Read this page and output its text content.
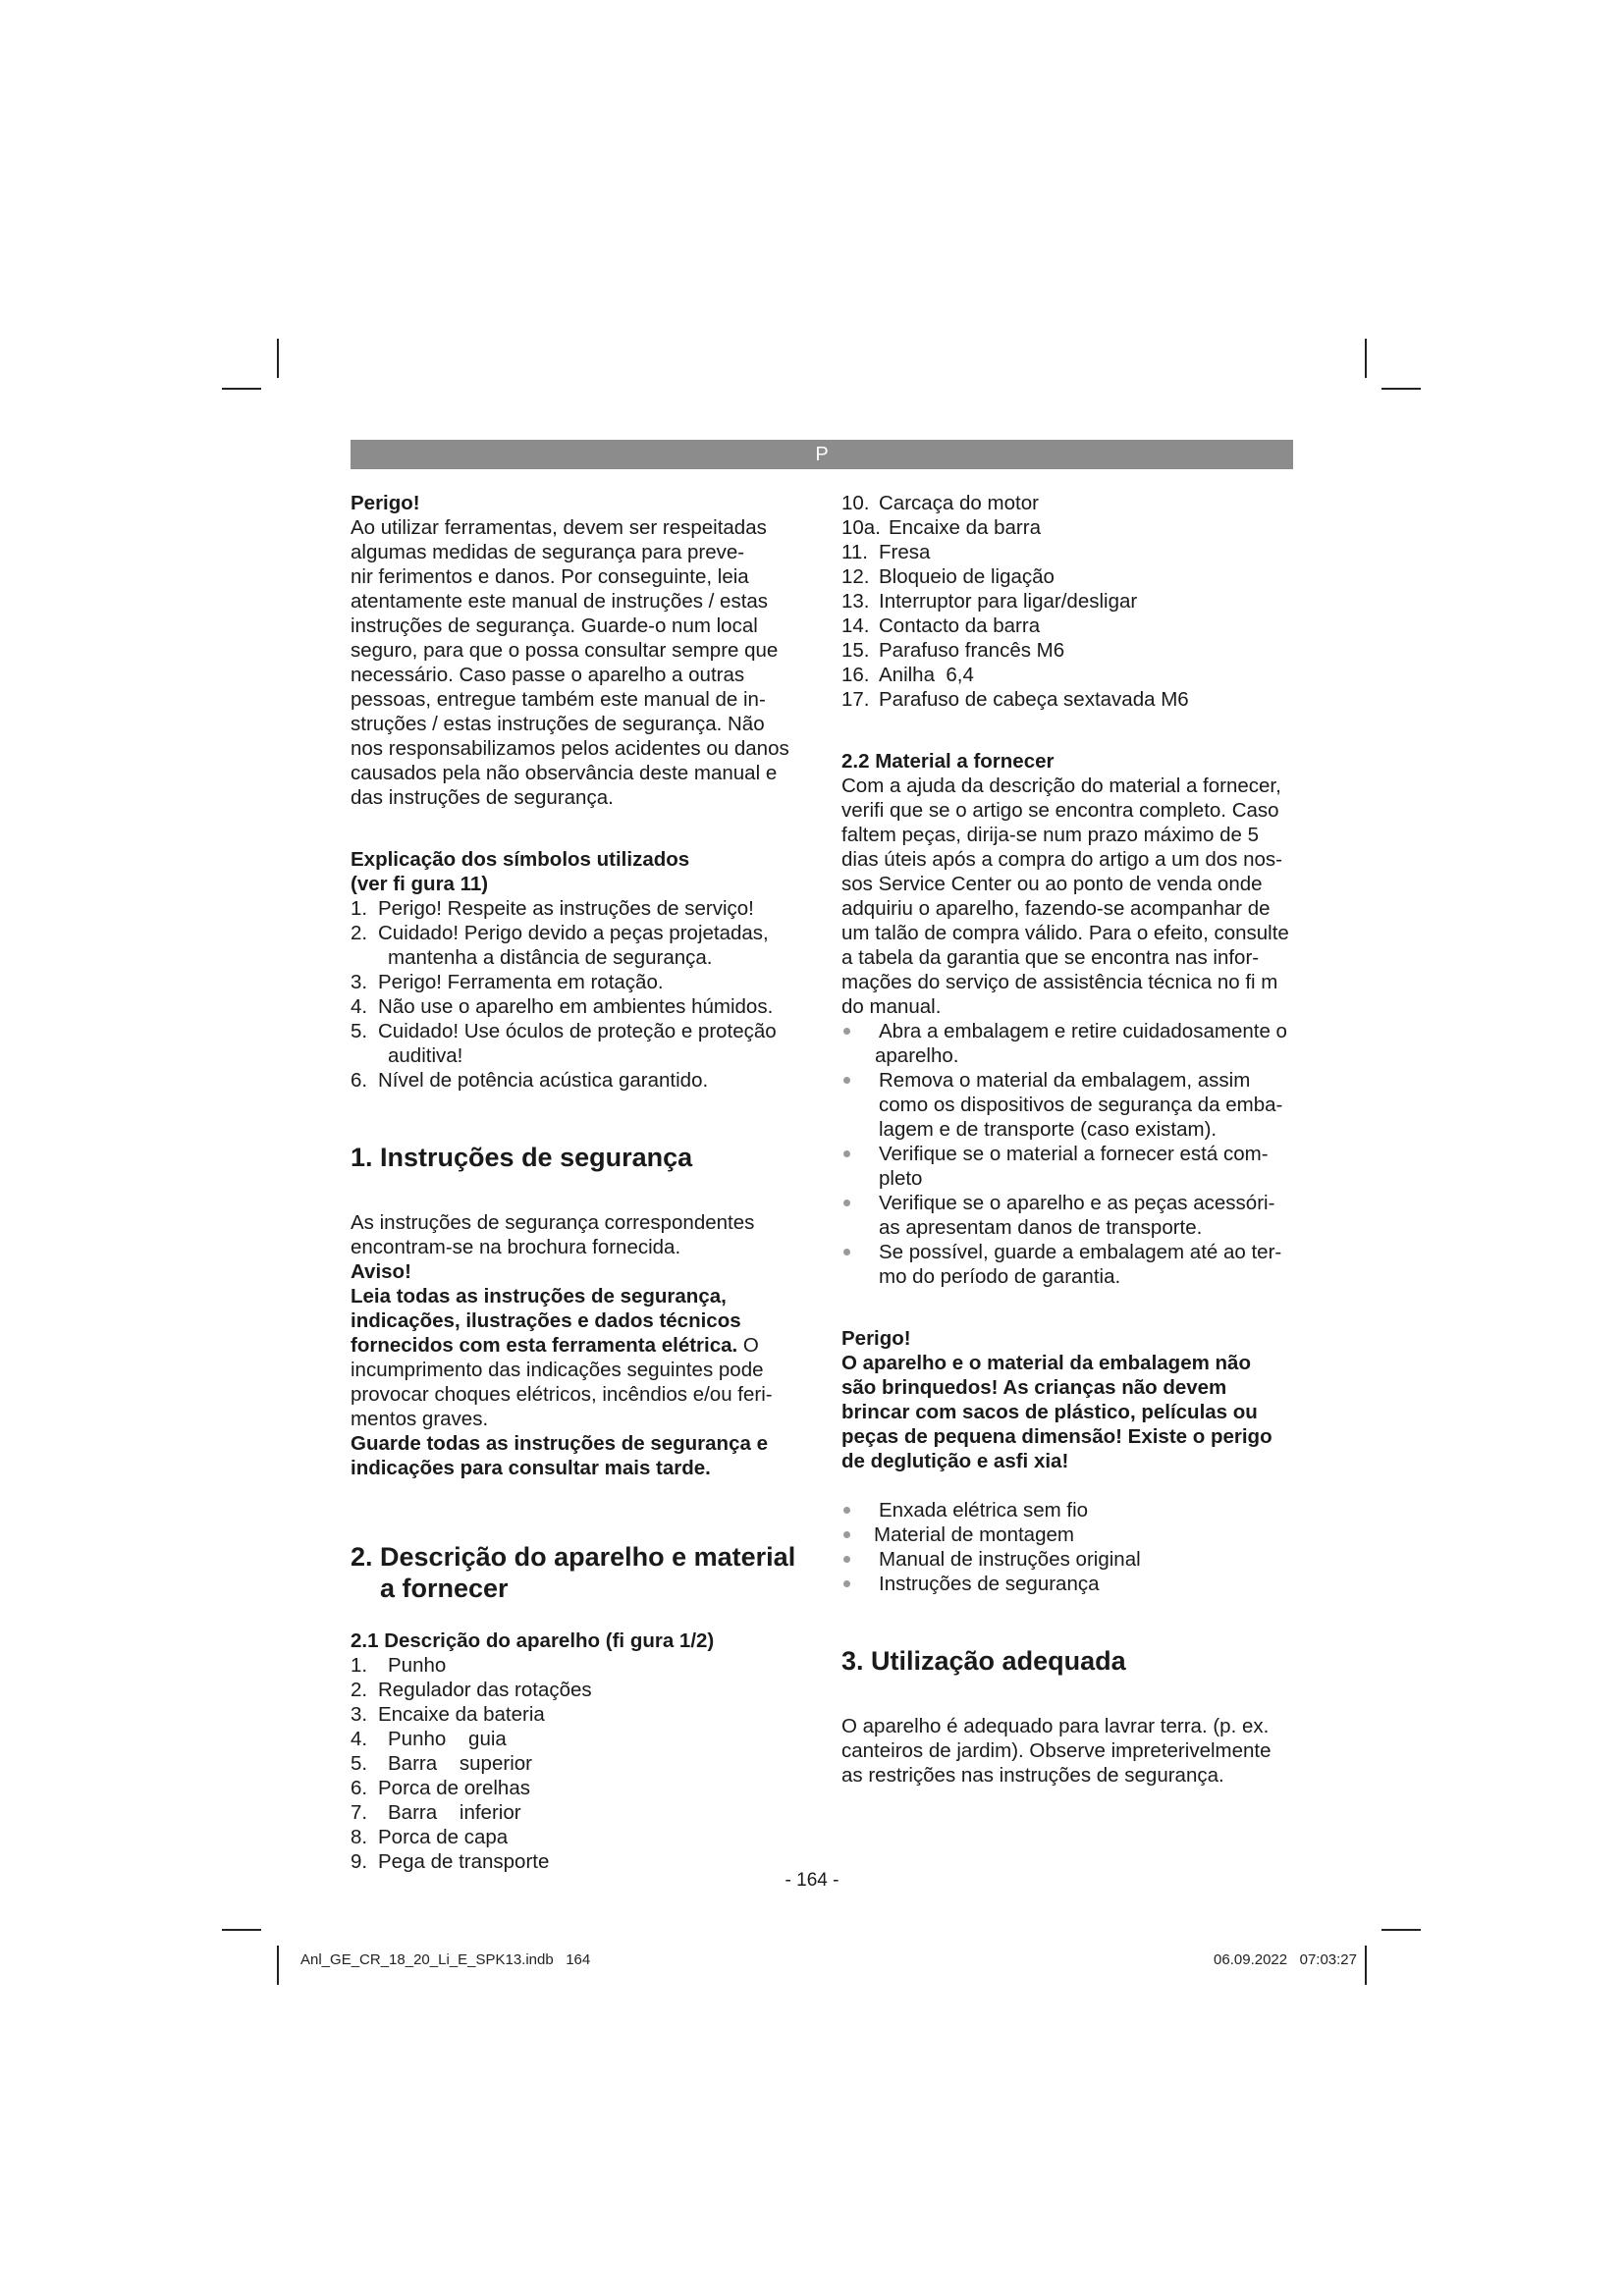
P

Perigo!

Ao utilizar ferramentas, devem ser respeitadas

algumas medidas de segurança para preve-

nir ferimentos e danos. Por conseguinte, leia

atentamente este manual de instruções / estas

instruções de segurança. Guarde-o num local

seguro, para que o possa consultar sempre que

necessário. Caso passe o aparelho a outras

pessoas, entregue também este manual de in-

struções / estas instruções de segurança. Não

nos responsabilizamos pelos acidentes ou danos

causados pela não observância deste manual e

das instruções de segurança.

Explicação dos símbolos utilizados

(ver fi gura 11)

1. Perigo! Respeite as instruções de serviço!
2. Cuidado! Perigo devido a peças projetadas,
mantenha a distância de segurança.
3. Perigo! Ferramenta em rotação.
4. Não use o aparelho em ambientes húmidos.
5. Cuidado! Use óculos de proteção e proteção
auditiva!
6. Nível de potência acústica garantido.

1. Instruções de segurança

As instruções de segurança correspondentes

encontram-se na brochura fornecida.

Aviso!

Leia todas as instruções de segurança,

indicações, ilustrações e dados técnicos

fornecidos com esta ferramenta elétrica. O

incumprimento das indicações seguintes pode

provocar choques elétricos, incêndios e/ou feri-

mentos graves.

Guarde todas as instruções de segurança e

indicações para consultar mais tarde.

2. Descrição do aparelho e material

a fornecer

2.1 Descrição do aparelho (fi gura 1/2)

1. Punho
2. Regulador das rotações
3. Encaixe da bateria
4. Punho    guia
5. Barra    superior
6. Porca de orelhas
7. Barra    inferior
8. Porca de capa
9. Pega de transporte
10. Carcaça do motor
10a. Encaixe da barra
11. Fresa
12. Bloqueio de ligação
13. Interruptor para ligar/desligar
14. Contacto da barra
15. Parafuso francês M6
16. Anilha  6,4
17. Parafuso de cabeça sextavada M6

2.2 Material a fornecer

Com a ajuda da descrição do material a fornecer,

verifi que se o artigo se encontra completo. Caso

faltem peças, dirija-se num prazo máximo de 5

dias úteis após a compra do artigo a um dos nos-

sos Service Center ou ao ponto de venda onde

adquiriu o aparelho, fazendo-se acompanhar de

um talão de compra válido. Para o efeito, consulte

a tabela da garantia que se encontra nas infor-

mações do serviço de assistência técnica no fi m

do manual.

Abra a embalagem e retire cuidadosamente o
aparelho.
Remova o material da embalagem, assim
como os dispositivos de segurança da emba-
lagem e de transporte (caso existam).
Verifique se o material a fornecer está com-
pleto
Verifique se o aparelho e as peças acessóri-
as apresentam danos de transporte.
Se possível, guarde a embalagem até ao ter-
mo do período de garantia.

Perigo!

O aparelho e o material da embalagem não

são brinquedos! As crianças não devem

brincar com sacos de plástico, películas ou

peças de pequena dimensão! Existe o perigo

de deglutição e asfi xia!

Enxada elétrica sem fio
Material de montagem
Manual de instruções original
Instruções de segurança

3. Utilização adequada

O aparelho é adequado para lavrar terra. (p. ex.

canteiros de jardim). Observe impreterivelmente

as restrições nas instruções de segurança.

- 164 -
Anl_GE_CR_18_20_Li_E_SPK13.indb   164	06.09.2022   07:03:27
